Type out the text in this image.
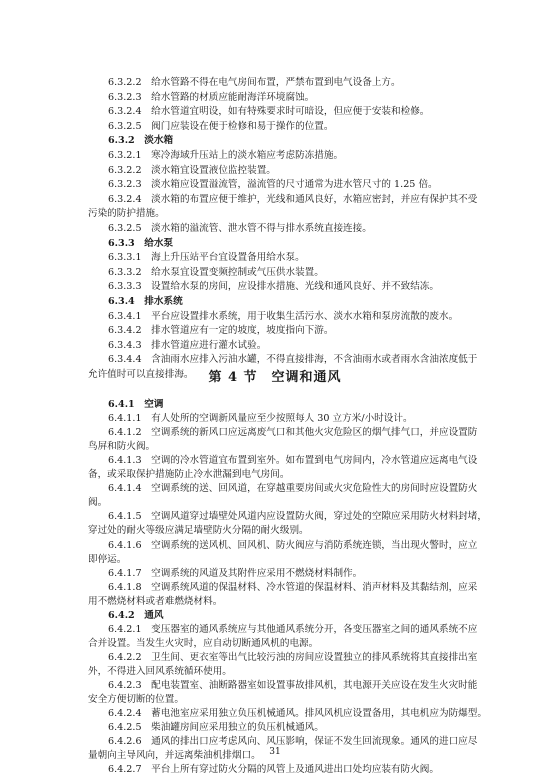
6.3.2.2　给水管路不得在电气房间布置，严禁布置到电气设备上方。
6.3.2.3　给水管路的材质应能耐海洋环境腐蚀。
6.3.2.4　给水管道宜明设，如有特殊要求时可暗设，但应便于安装和检修。
6.3.2.5　阀门应装设在便于检修和易于操作的位置。
6.3.2　淡水箱
6.3.2.1　寒冷海域升压站上的淡水箱应考虑防冻措施。
6.3.2.2　淡水箱宜设置液位监控装置。
6.3.2.3　淡水箱应设置溢流管，溢流管的尺寸通常为进水管尺寸的 1.25 倍。
6.3.2.4　淡水箱的布置应便于维护，光线和通风良好，水箱应密封，并应有保护其不受
污染的防护措施。
6.3.2.5　淡水箱的溢流管、泄水管不得与排水系统直接连接。
6.3.3　给水泵
6.3.3.1　海上升压站平台宜设置备用给水泵。
6.3.3.2　给水泵宜设置变频控制或气压供水装置。
6.3.3.3　设置给水泵的房间，应设排水措施、光线和通风良好、并不致结冻。
6.3.4　排水系统
6.3.4.1　平台应设置排水系统，用于收集生活污水、淡水水箱和泵房流散的废水。
6.3.4.2　排水管道应有一定的坡度，坡度指向下游。
6.3.4.3　排水管道应进行灌水试验。
6.3.4.4　含油雨水应排入污油水罐，不得直接排海，不含油雨水或者雨水含油浓度低于
允许值时可以直接排海。	第 4 节　空调和通风
6.4.1　空调
6.4.1.1　有人处所的空调新风量应至少按照每人 30 立方米/小时设计。
6.4.1.2　空调系统的新风口应远离废气口和其他火灾危险区的烟气排气口，并应设置防
鸟屏和防火阀。
6.4.1.3　空调的冷水管道宜布置到室外。如布置到电气房间内，冷水管道应远离电气设
备，或采取保护措施防止冷水泄漏到电气房间。
6.4.1.4　空调系统的送、回风道，在穿越重要房间或火灾危险性大的房间时应设置防火
阀。
6.4.1.5　空调风道穿过墙壁处风道内应设置防火阀，穿过处的空隙应采用防火材料封堵，
穿过处的耐火等级应满足墙壁防火分隔的耐火级别。
6.4.1.6　空调系统的送风机、回风机、防火阀应与消防系统连锁，当出现火警时，应立
即停运。
6.4.1.7　空调系统的风道及其附件应采用不燃烧材料制作。
6.4.1.8　空调系统风道的保温材料、冷水管道的保温材料、消声材料及其黏结剂，应采
用不燃烧材料或者难燃烧材料。
6.4.2　通风
6.4.2.1　变压器室的通风系统应与其他通风系统分开，各变压器室之间的通风系统不应
合并设置。当发生火灾时，应自动切断通风机的电源。
6.4.2.2　卫生间、更衣室等出气比较污浊的房间应设置独立的排风系统将其直接排出室
外，不得进入回风系统循环使用。
6.4.2.3　配电装置室、油断路器室如设置事故排风机，其电源开关应设在发生火灾时能
安全方便切断的位置。
6.4.2.4　蓄电池室应采用独立负压机械通风。排风风机应设置备用，其电机应为防爆型。
6.4.2.5　柴油罐房间应采用独立的负压机械通风。
6.4.2.6　通风的排出口应考虑风向、风压影响，保证不发生回流现象。通风的进口应尽
量朝向主导风向，并远离柴油机排烟口。
6.4.2.7　平台上所有穿过防火分隔的风管上及通风进出口处均应装有防火阀。
31
